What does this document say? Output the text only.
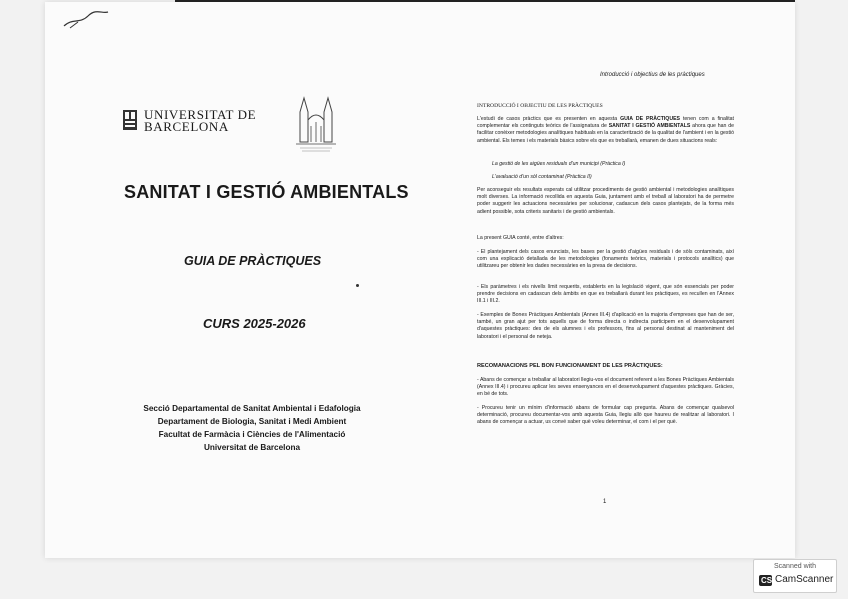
UNIVERSITAT DE
BARCELONA
SANITAT I GESTIÓ AMBIENTALS
GUIA DE PRÀCTIQUES
CURS 2025-2026
Secció Departamental de Sanitat Ambiental i Edafologia
Departament de Biologia, Sanitat i Medi Ambient
Facultat de Farmàcia i Ciències de l'Alimentació
Universitat de Barcelona
Introducció i objectius de les pràctiques
INTRODUCCIÓ I OBJECTIU DE LES PRÀCTIQUES
L'estudi de casos pràctics que es presenten en aquesta GUIA DE PRÀCTIQUES tenen com a finalitat complementar els continguts teòrics de l'assignatura de SANITAT I GESTIÓ AMBIENTALS ahora que han de facilitar conèixer metodologies analítiques habituals en la caracterització de la qualitat de l'ambient i en la gestió ambiental. Els temes i els materials bàsics sobre els que es treballarà, emanen de dues situacions reals:
La gestió de les aigües residuals d'un municipi (Pràctica I)
L'avaluació d'un sòl contaminat (Pràctica II)
Per aconseguir els resultats esperats cal utilitzar procediments de gestió ambiental i metodologies analítiques molt diverses. La informació recollida en aquesta Guia, juntament amb el treball al laboratori ha de permetre poder suggerir les actuacions necessàries per solucionar, cadascun dels casos plantejats, de la forma més adient possible, sota criteris sanitaris i de gestió ambientals.
La present GUIA conté, entre d'altres:
- El plantejament dels casos enunciats, les bases per la gestió d'aigües residuals i de sòls contaminats, així com una explicació detallada de les metodologies (fonaments teòrics, materials i protocols analítics) que utilitzareu per obtenir les dades necessàries en la presa de decisions.
- Els paràmetres i els nivells límit requerits, establerts en la legislació vigent, que són essencials per poder prendre decisions en cadascun dels àmbits en que es treballarà durant les pràctiques, es recullen en l'Annex III.1 i III.2.
- Exemples de Bones Pràctiques Ambientals (Annex III.4) d'aplicació en la majoria d'empreses que han de ser, també, un gran ajut per tots aquells que de forma directa o indirecta participem en el desenvolupament d'aquestes pràctiques: des de els alumnes i els professors, fins al personal destinat al manteniment del laboratori i el personal de neteja.
RECOMANACIONS PEL BON FUNCIONAMENT DE LES PRÀCTIQUES:
- Abans de començar a treballar al laboratori llegiu-vos el document referent a les Bones Pràctiques Ambientals (Annex III.4) i procureu aplicar les seves ensenyances en el desenvolupament d'aquestes pràctiques. Gràcies, en bé de tots.
- Procureu tenir un mínim d'informació abans de formular cap pregunta. Abans de començar qualsevol determinació, procureu documentar-vos amb aquesta Guia, llegiu allò que haureu de realitzar al laboratori. I abans de començar a actuar, us convé saber què voleu determinar, el com i el per què.
1
Scanned with
CS CamScanner
